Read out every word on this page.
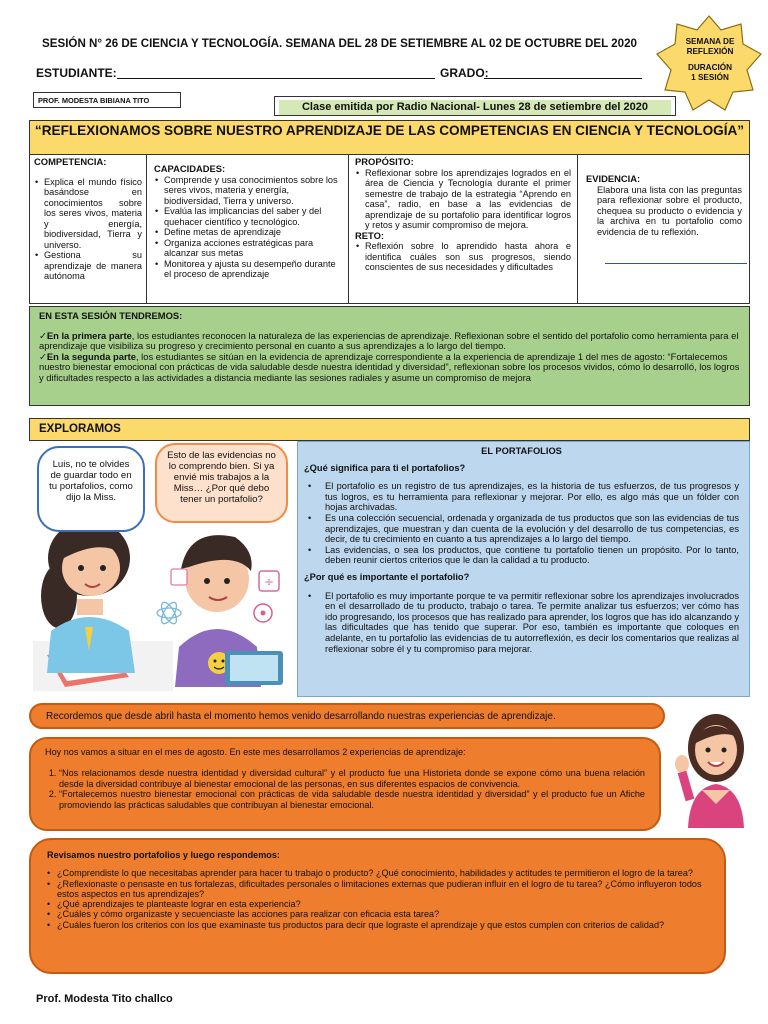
SESIÓN N° 26 DE CIENCIA Y TECNOLOGÍA. SEMANA DEL 28 DE SETIEMBRE AL 02 DE OCTUBRE DEL 2020
ESTUDIANTE:	GRADO:
SEMANA DE
REFLEXIÓN
DURACIÓN
1 SESIÓN
PROF. MODESTA BIBIANA TITO
Clase emitida por Radio Nacional- Lunes 28 de setiembre del 2020
“REFLEXIONAMOS SOBRE NUESTRO APRENDIZAJE DE LAS COMPETENCIAS EN CIENCIA Y TECNOLOGÍA”
COMPETENCIA:
• Explica el mundo físico basándose en conocimientos sobre los seres vivos, materia y energía, biodiversidad, Tierra y universo.
• Gestiona su aprendizaje de manera autónoma
CAPACIDADES:
• Comprende y usa conocimientos sobre los seres vivos, materia y energía, biodiversidad, Tierra y universo.
• Evalúa las implicancias del saber y del quehacer científico y tecnológico.
• Define metas de aprendizaje
• Organiza acciones estratégicas para alcanzar sus metas
• Monitorea y ajusta su desempeño durante el proceso de aprendizaje
PROPÓSITO:
• Reflexionar sobre los aprendizajes logrados en el área de Ciencia y Tecnología durante el primer semestre de trabajo de la estrategia “Aprendo en casa”, radio, en base a las evidencias de aprendizaje de su portafolio para identificar logros y retos y asumir compromiso de mejora.
RETO:
• Reflexión sobre lo aprendido hasta ahora e identifica cuáles son sus progresos, siendo conscientes de sus necesidades y dificultades
EVIDENCIA:
Elabora una lista con las preguntas para reflexionar sobre el producto, chequea su producto o evidencia y la archiva en tu portafolio como evidencia de tu reflexión.
EN ESTA SESIÓN TENDREMOS:

✓En la primera parte, los estudiantes reconocen la naturaleza de las experiencias de aprendizaje. Reflexionan sobre el sentido del portafolio como herramienta para el aprendizaje que visibiliza su progreso y crecimiento personal en cuanto a sus aprendizajes a lo largo del tiempo.

✓En la segunda parte, los estudiantes se sitúan en la evidencia de aprendizaje correspondiente a la experiencia de aprendizaje 1 del mes de agosto: “Fortalecemos nuestro bienestar emocional con prácticas de vida saludable desde nuestra identidad y diversidad”, reflexionan sobre los procesos vividos, cómo lo desarrolló, los logros y dificultades respecto a las actividades a distancia mediante las sesiones radiales y asume un compromiso de mejora

EXPLORAMOS
÷
Luis, no te olvides de guardar todo en tu portafolios, como dijo la Miss.
Esto de las evidencias no lo comprendo bien. Si ya envié mis trabajos a la Miss… ¿Por qué debo tener un portafolio?
EL PORTAFOLIOS
¿Qué significa para ti el portafolios?
• El portafolio es un registro de tus aprendizajes, es la historia de tus esfuerzos, de tus progresos y tus logros, es tu herramienta para reflexionar y mejorar. Por ello, es algo más que un fólder con hojas archivadas.
• Es una colección secuencial, ordenada y organizada de tus productos que son las evidencias de tus aprendizajes, que muestran y dan cuenta de la evolución y del desarrollo de tus competencias, es decir, de tu crecimiento en cuanto a tus aprendizajes a lo largo del tiempo.
• Las evidencias, o sea los productos, que contiene tu portafolio tienen un propósito. Por lo tanto, deben reunir ciertos criterios que le dan la calidad a tu producto.
¿Por qué es importante el portafolio?
• El portafolio es muy importante porque te va permitir reflexionar sobre los aprendizajes involucrados en el desarrollado de tu producto, trabajo o tarea. Te permite analizar tus esfuerzos; ver cómo has ido progresando, los procesos que has realizado para aprender, los logros que has ido alcanzando y las dificultades que has tenido que superar. Por eso, también es importante que coloques en adelante, en tu portafolio las evidencias de tu autorreflexión, es decir los comentarios que realizas al reflexionar sobre él y tu compromiso para mejorar.
Recordemos que desde abril hasta el momento hemos venido desarrollando nuestras experiencias de aprendizaje.
Hoy nos vamos a situar en el mes de agosto. En este mes desarrollamos 2 experiencias de aprendizaje:
1. “Nos relacionamos desde nuestra identidad y diversidad cultural” y el producto fue una Historieta donde se expone cómo una buena relación desde la diversidad contribuye al bienestar emocional de las personas, en sus diferentes espacios de convivencia.
2. “Fortalecemos nuestro bienestar emocional con prácticas de vida saludable desde nuestra identidad y diversidad” y el producto fue un Afiche promoviendo las prácticas saludables que contribuyan al bienestar emocional.
Revisamos nuestro portafolios y luego respondemos:
• ¿Comprendiste lo que necesitabas aprender para hacer tu trabajo o producto? ¿Qué conocimiento, habilidades y actitudes te permitieron el logro de la tarea?
• ¿Reflexionaste o pensaste en tus fortalezas, dificultades personales o limitaciones externas que pudieran influir en el logro de tu tarea? ¿Cómo influyeron todos estos aspectos en tus aprendizajes?
• ¿Qué aprendizajes te planteaste lograr en esta experiencia?
• ¿Cuáles y cómo organizaste y secuenciaste las acciones para realizar con eficacia esta tarea?
• ¿Cuáles fueron los criterios con los que examinaste tus productos para decir que lograste el aprendizaje y que estos cumplen con criterios de calidad?
Prof. Modesta Tito challco
